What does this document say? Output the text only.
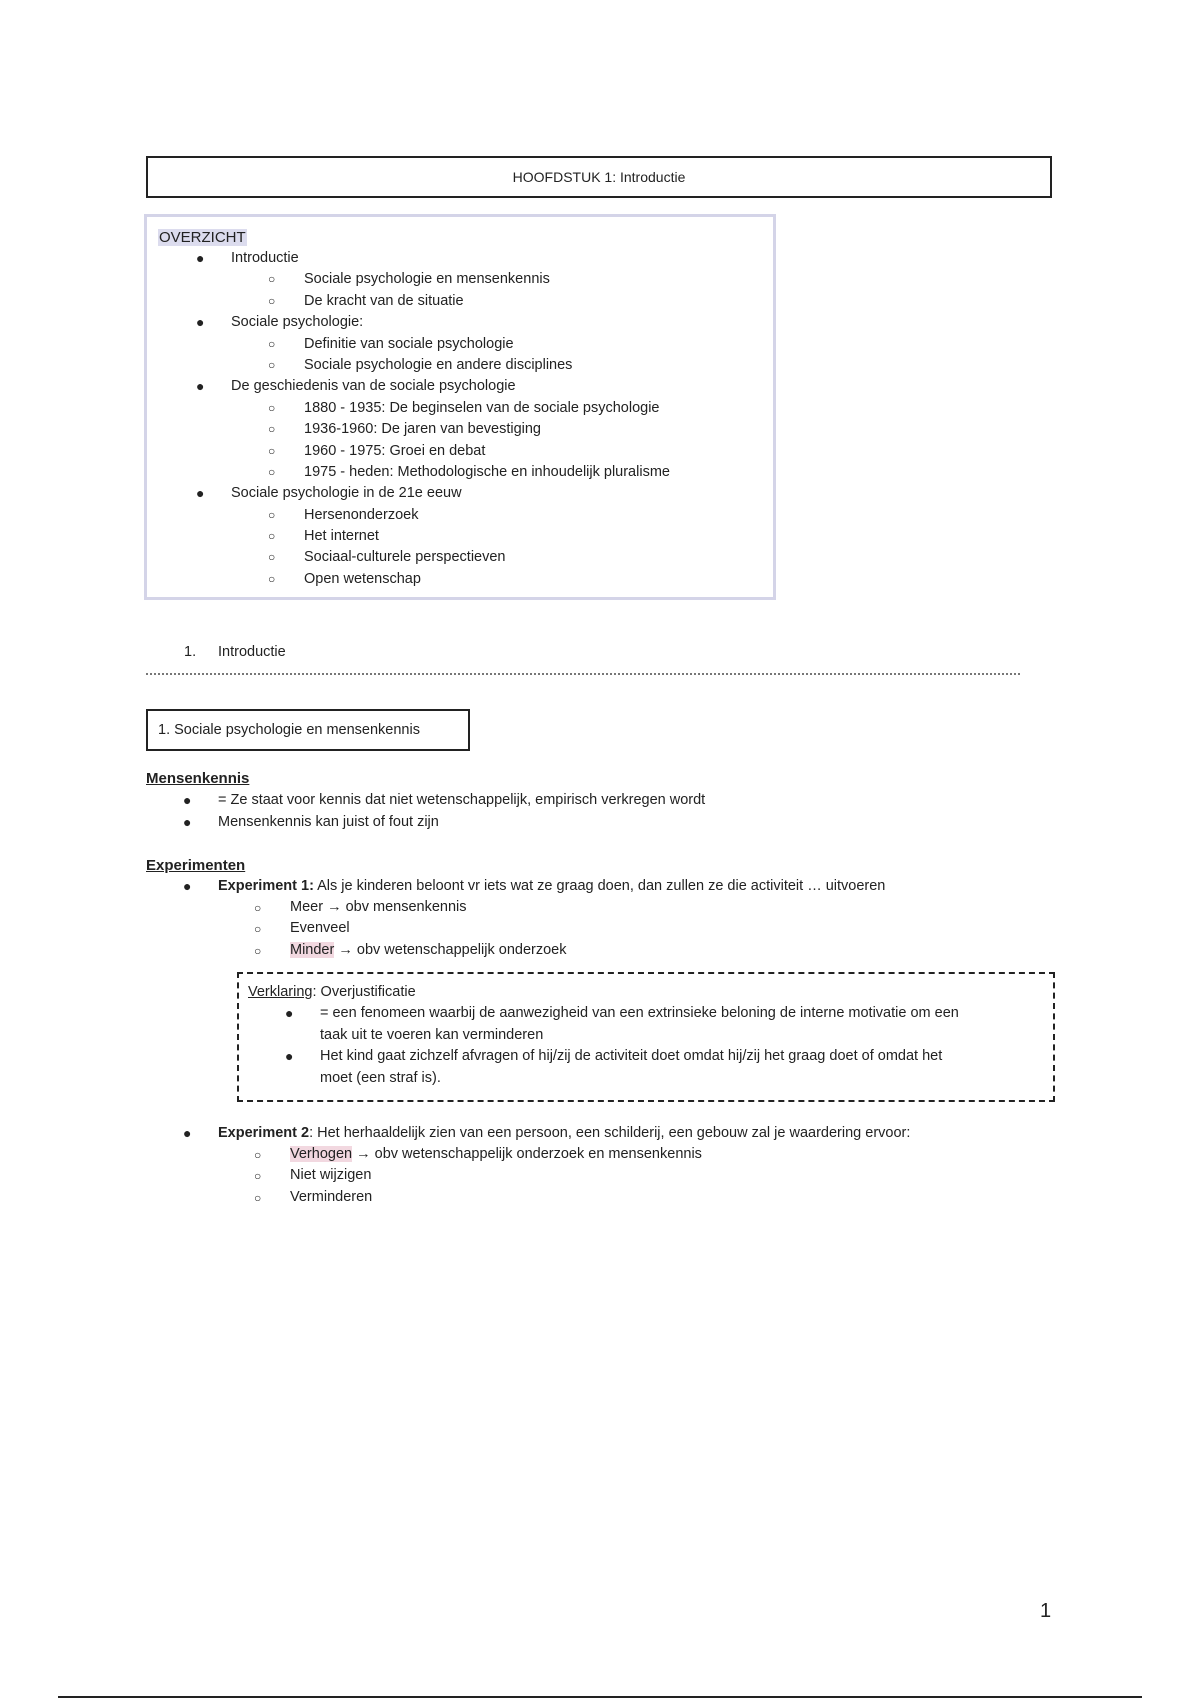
HOOFDSTUK 1: Introductie
OVERZICHT
● Introductie
○ Sociale psychologie en mensenkennis
○ De kracht van de situatie
● Sociale psychologie:
○ Definitie van sociale psychologie
○ Sociale psychologie en andere disciplines
● De geschiedenis van de sociale psychologie
○ 1880 - 1935: De beginselen van de sociale psychologie
○ 1936-1960: De jaren van bevestiging
○ 1960 - 1975: Groei en debat
○ 1975 - heden: Methodologische en inhoudelijk pluralisme
● Sociale psychologie in de 21e eeuw
○ Hersenonderzoek
○ Het internet
○ Sociaal-culturele perspectieven
○ Open wetenschap
1. Introductie
1. Sociale psychologie en mensenkennis
Mensenkennis
● = Ze staat voor kennis dat niet wetenschappelijk, empirisch verkregen wordt
● Mensenkennis kan juist of fout zijn
Experimenten
● Experiment 1: Als je kinderen beloont vr iets wat ze graag doen, dan zullen ze die activiteit … uitvoeren
○ Meer → obv mensenkennis
○ Evenveel
○ Minder → obv wetenschappelijk onderzoek
Verklaring: Overjustificatie
● = een fenomeen waarbij de aanwezigheid van een extrinsieke beloning de interne motivatie om een
taak uit te voeren kan verminderen
● Het kind gaat zichzelf afvragen of hij/zij de activiteit doet omdat hij/zij het graag doet of omdat het
moet (een straf is).
● Experiment 2: Het herhaaldelijk zien van een persoon, een schilderij, een gebouw zal je waardering ervoor:
○ Verhogen → obv wetenschappelijk onderzoek en mensenkennis
○ Niet wijzigen
○ Verminderen
1
